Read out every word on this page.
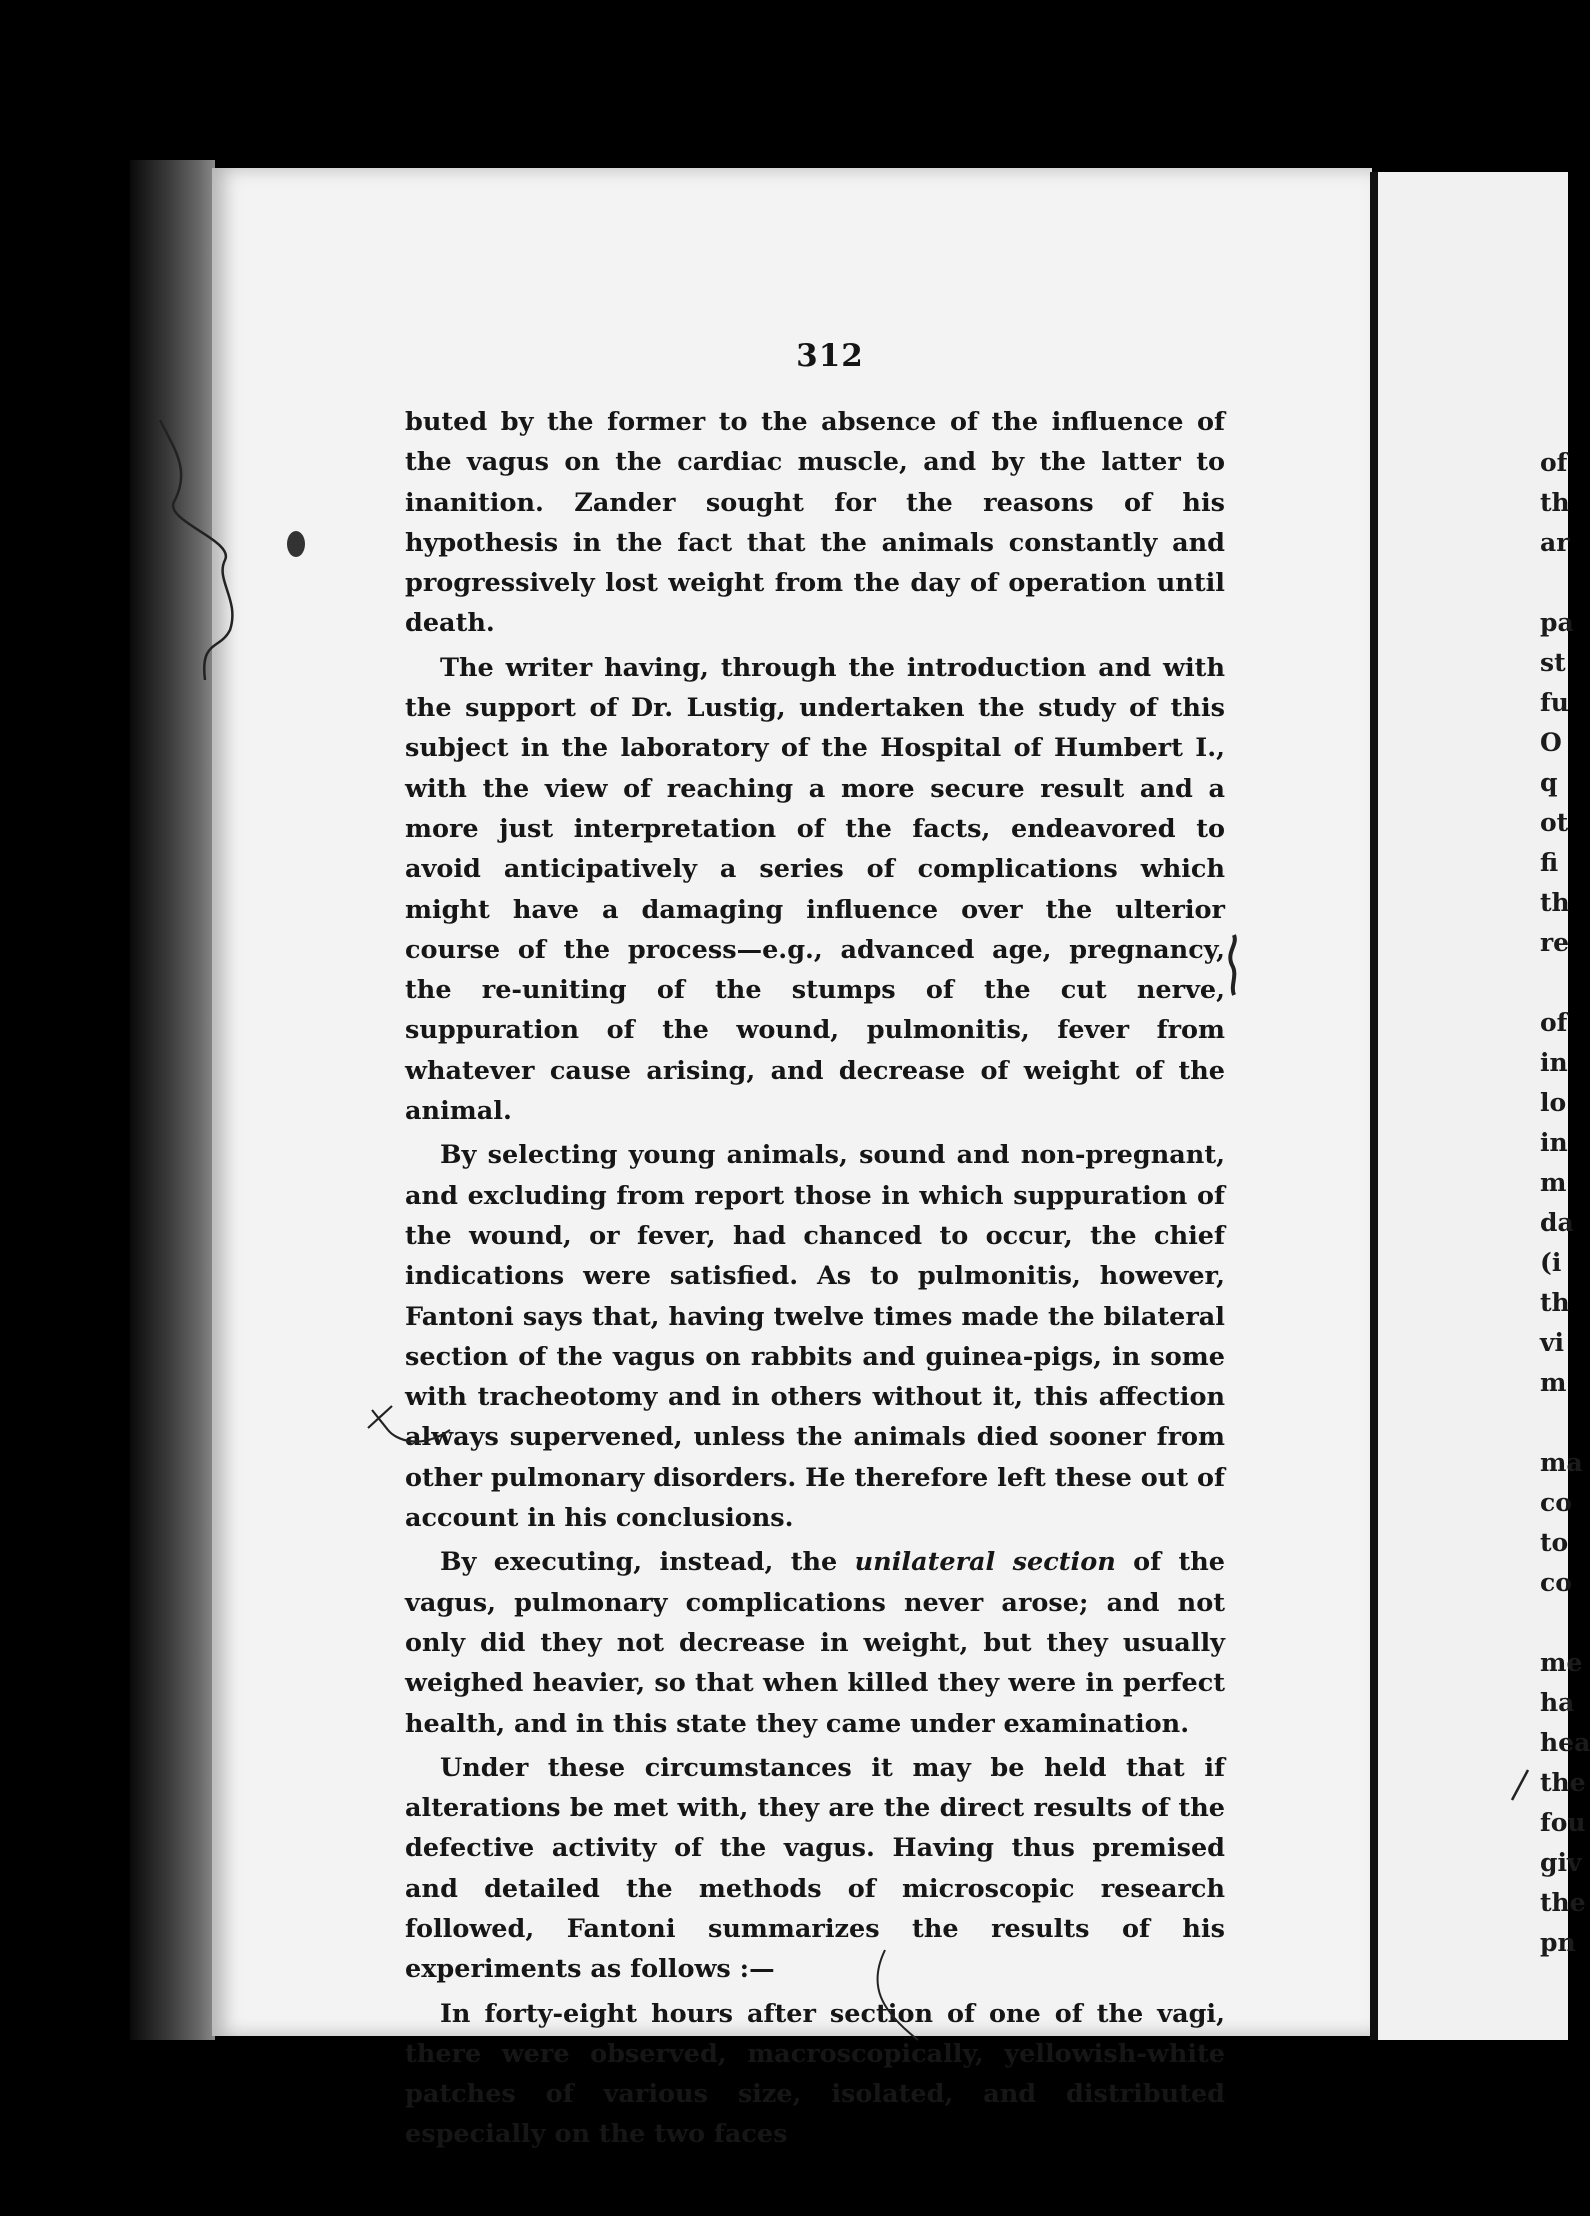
312

buted by the former to the absence of the influence of the vagus on the cardiac muscle, and by the latter to inanition. Zander sought for the reasons of his hypothesis in the fact that the animals constantly and progressively lost weight from the day of operation until death.

The writer having, through the introduction and with the support of Dr. Lustig, undertaken the study of this subject in the laboratory of the Hospital of Humbert I., with the view of reaching a more secure result and a more just interpretation of the facts, endeavored to avoid anticipatively a series of complications which might have a damaging influence over the ulterior course of the process—e.g., advanced age, pregnancy, the re-uniting of the stumps of the cut nerve, suppuration of the wound, pulmonitis, fever from whatever cause arising, and decrease of weight of the animal.

By selecting young animals, sound and non-pregnant, and excluding from report those in which suppuration of the wound, or fever, had chanced to occur, the chief indications were satisfied. As to pulmonitis, however, Fantoni says that, having twelve times made the bilateral section of the vagus on rabbits and guinea-pigs, in some with tracheotomy and in others without it, this affection always supervened, unless the animals died sooner from other pulmonary disorders. He therefore left these out of account in his conclusions.

By executing, instead, the unilateral section of the vagus, pulmonary complications never arose; and not only did they not decrease in weight, but they usually weighed heavier, so that when killed they were in perfect health, and in this state they came under examination.

Under these circumstances it may be held that if alterations be met with, they are the direct results of the defective activity of the vagus. Having thus premised and detailed the methods of microscopic research followed, Fantoni summarizes the results of his experiments as follows :—

In forty-eight hours after section of one of the vagi, there were observed, macroscopically, yellowish-white patches of various size, isolated, and distributed especially on the two faces

of
th
ar
pa
st
fu
O
q
ot
fi
th
re
of
in
lo
in
m
da
(i
th
vi
m
ma
co
to
co
me
ha
hea
the
fou
giv
the
pn
